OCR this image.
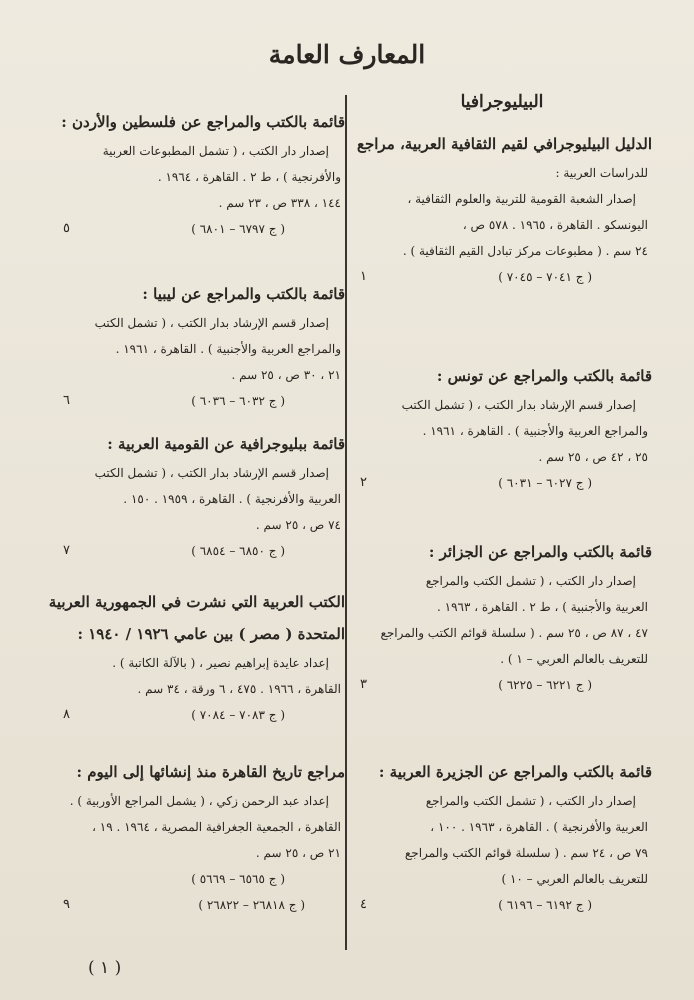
المعارف العامة
البيليوجرافيا
الدليل البيليوجرافي لقيم الثقافية العربية، مراجع
للدراسات العربية :
إصدار الشعبة القومية للتربية والعلوم الثقافية ،
اليونسكو . القاهرة ، ١٩٦٥ . ٥٧٨ ص ،
٢٤ سم . ( مطبوعات مركز تبادل القيم الثقافية ) .
( ج ٧٠٤١ – ٧٠٤٥ )
١
قائمة بالكتب والمراجع عن تونس :
إصدار قسم الإرشاد بدار الكتب ، ( تشمل الكتب
والمراجع العربية والأجنبية ) . القاهرة ، ١٩٦١ .
٢٥ ، ٤٢ ص ، ٢٥ سم .
( ج ٦٠٢٧ – ٦٠٣١ )
٢
قائمة بالكتب والمراجع عن الجزائر :
إصدار دار الكتب ، ( تشمل الكتب والمراجع
العربية والأجنبية ) ، ط ٢ . القاهرة ، ١٩٦٣ .
٤٧ ، ٨٧ ص ، ٢٥ سم . ( سلسلة قوائم الكتب والمراجع
للتعريف بالعالم العربي – ١ ) .
( ج ٦٢٢١ – ٦٢٢٥ )
٣
قائمة بالكتب والمراجع عن الجزيرة العربية :
إصدار دار الكتب ، ( تشمل الكتب والمراجع
العربية والأفرنجية ) . القاهرة ، ١٩٦٣ . ١٠٠ ،
٧٩ ص ، ٢٤ سم . ( سلسلة قوائم الكتب والمراجع
للتعريف بالعالم العربي – ١٠ )
( ج ٦١٩٢ – ٦١٩٦ )
٤
قائمة بالكتب والمراجع عن فلسطين والأردن :
إصدار دار الكتب ، ( تشمل المطبوعات العربية
والأفرنجية ) ، ط ٢ . القاهرة ، ١٩٦٤ .
١٤٤ ، ٣٣٨ ص ، ٢٣ سم .
( ج ٦٧٩٧ – ٦٨٠١ )
٥
قائمة بالكتب والمراجع عن ليبيا :
إصدار قسم الإرشاد بدار الكتب ، ( تشمل الكتب
والمراجع العربية والأجنبية ) . القاهرة ، ١٩٦١ .
٢١ ، ٣٠ ص ، ٢٥ سم .
( ج ٦٠٣٢ – ٦٠٣٦ )
٦
قائمة ببليوجرافية عن القومية العربية :
إصدار قسم الإرشاد بدار الكتب ، ( تشمل الكتب
العربية والأفرنجية ) . القاهرة ، ١٩٥٩ . ١٥٠ .
٧٤ ص ، ٢٥ سم .
( ج ٦٨٥٠ – ٦٨٥٤ )
٧
الكتب العربية التي نشرت في الجمهورية العربية
المتحدة ( مصر ) بين عامي ١٩٢٦ / ١٩٤٠ :
إعداد عايدة إبراهيم نصير ، ( بالآلة الكاتبة ) .
القاهرة ، ١٩٦٦ . ٤٧٥ ، ٦ ورقة ، ٣٤ سم .
( ج ٧٠٨٣ – ٧٠٨٤ )
٨
مراجع تاريخ القاهرة منذ إنشائها إلى اليوم :
إعداد عبد الرحمن زكي ، ( يشمل المراجع الأوربية ) .
القاهرة ، الجمعية الجغرافية المصرية ، ١٩٦٤ . ١٩ ،
٢١ ص ، ٢٥ سم .
( ج ٦٥٦٥ – ٥٦٦٩ )
( ج ٢٦٨١٨ – ٢٦٨٢٢ )
٩
( ١ )
